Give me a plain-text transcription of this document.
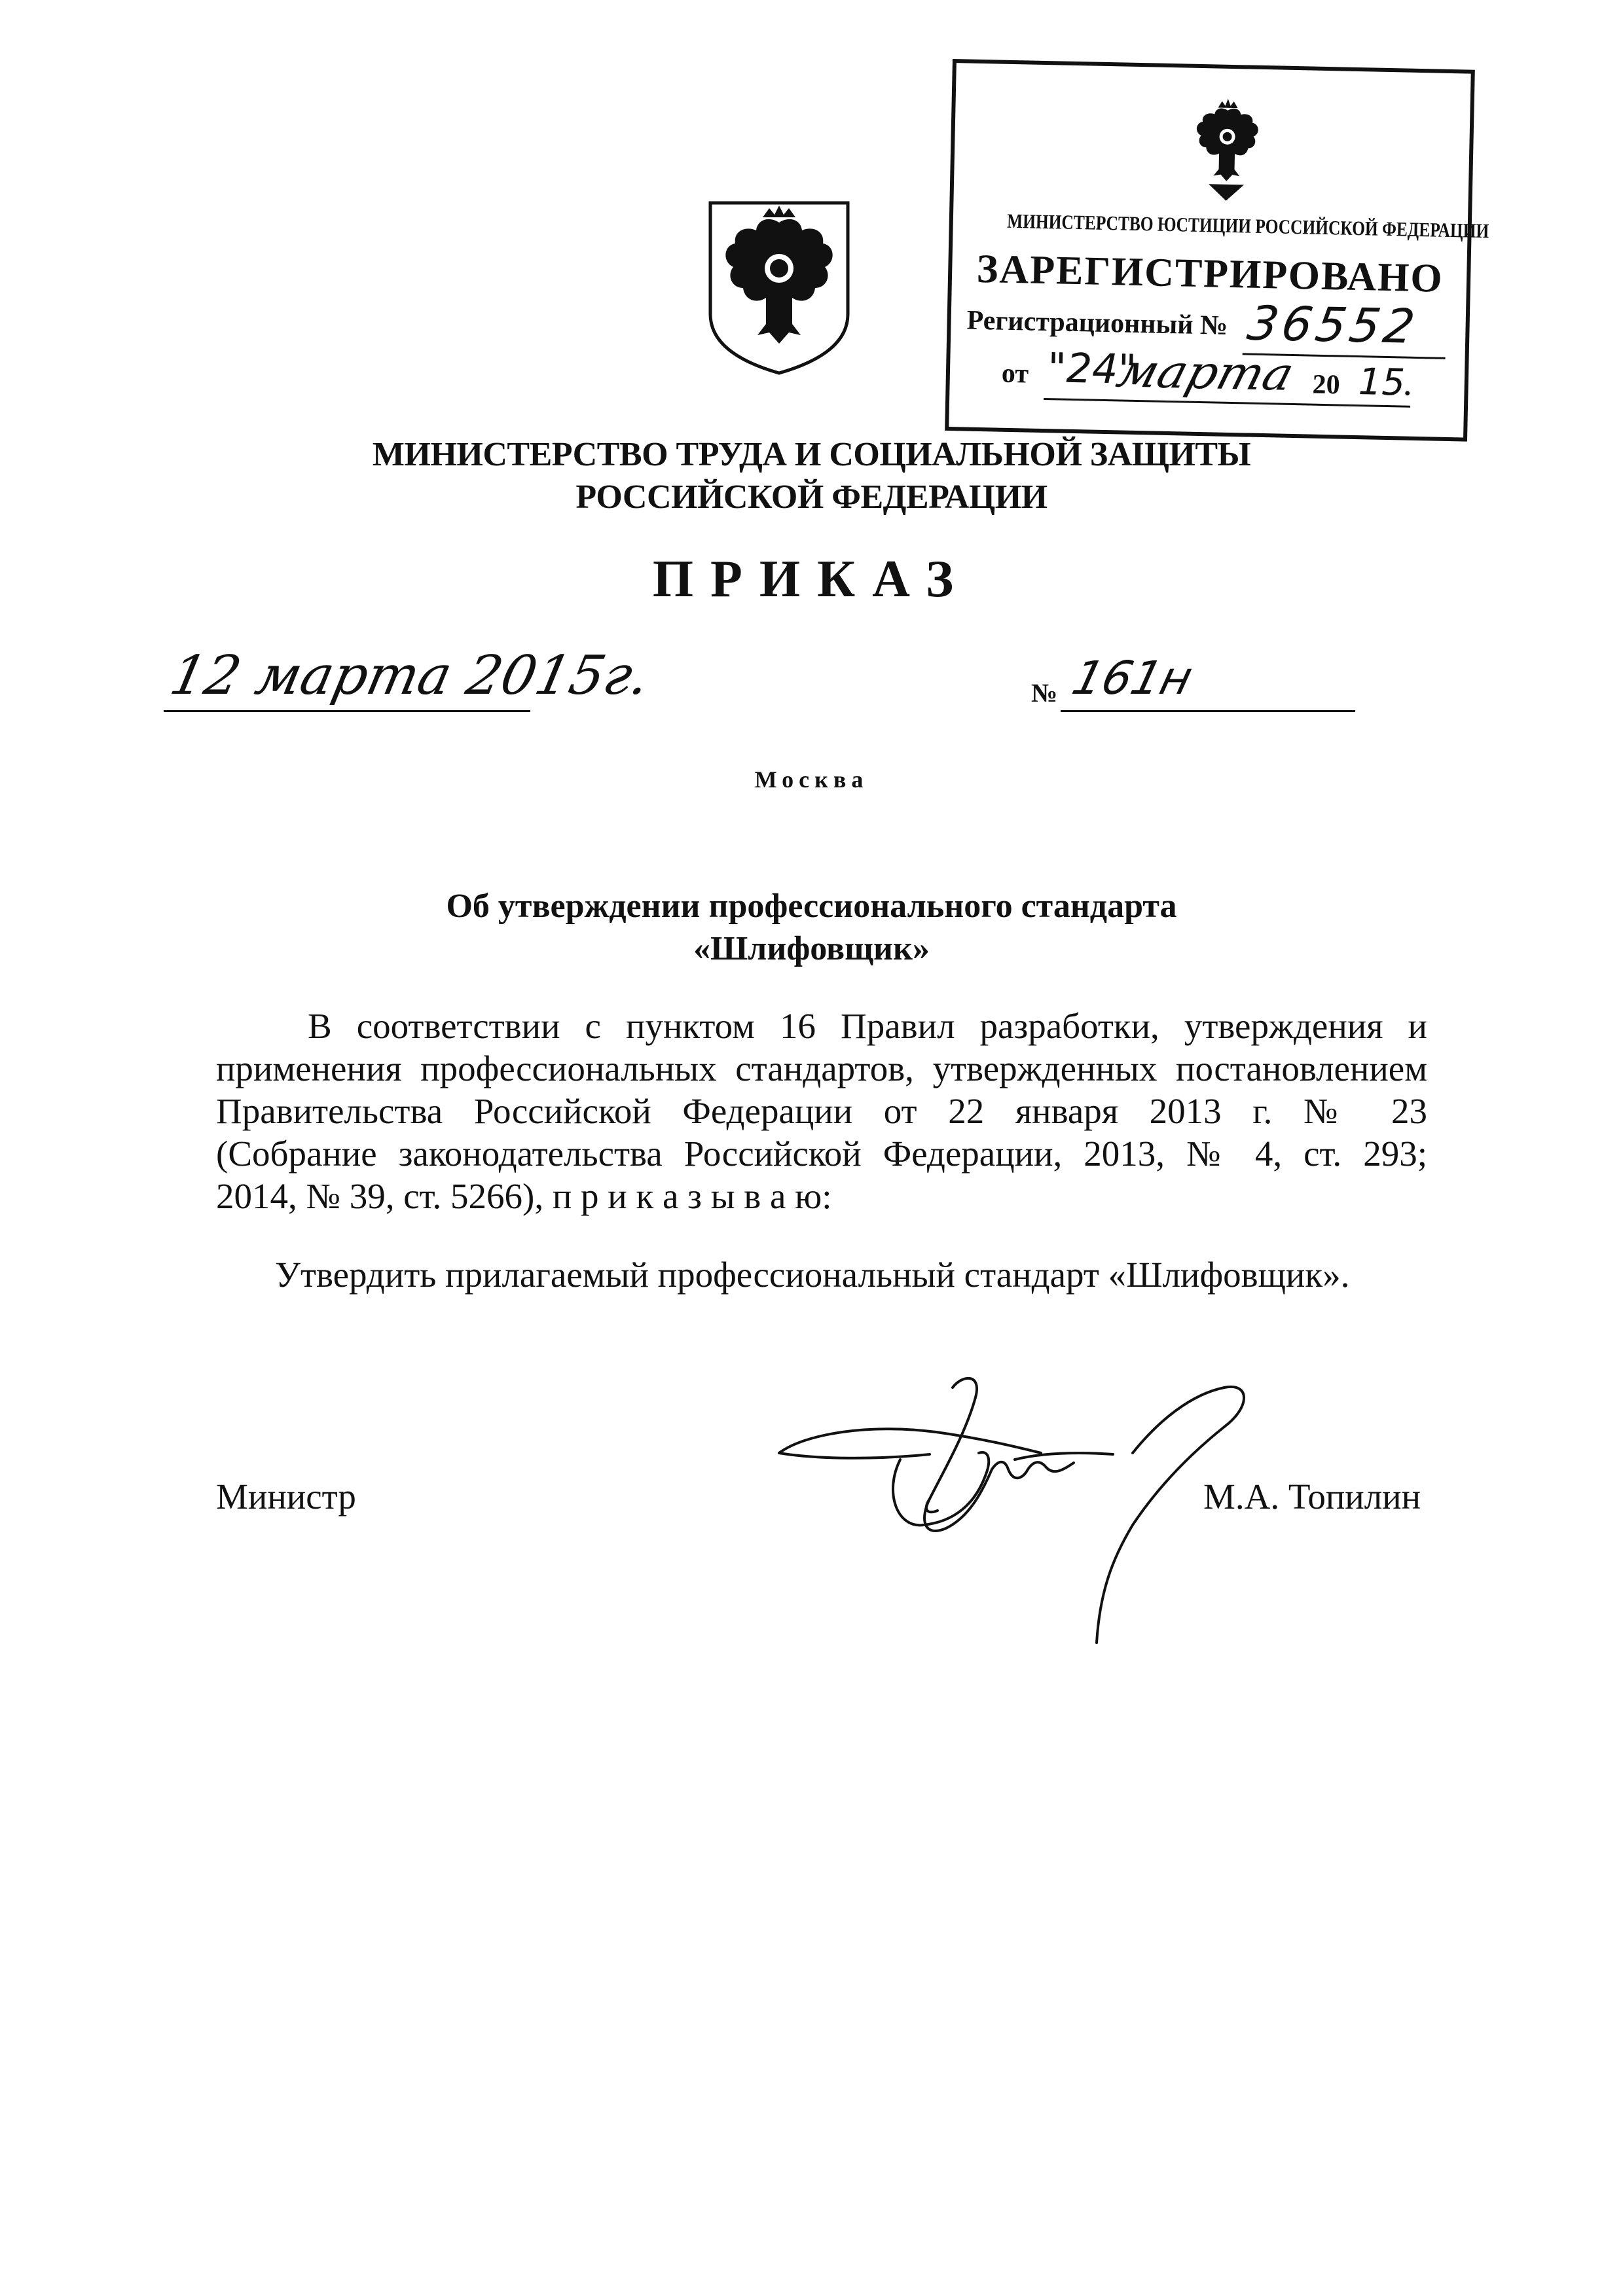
МИНИСТЕРСТВО ЮСТИЦИИ РОССИЙСКОЙ ФЕДЕРАЦИИ
ЗАРЕГИСТРИРОВАНО
Регистрационный № 36552
от "24"
марта 20 15
.
МИНИСТЕРСТВО ТРУДА И СОЦИАЛЬНОЙ ЗАЩИТЫ
РОССИЙСКОЙ ФЕДЕРАЦИИ
ПРИКАЗ
12 марта 2015г.	№ 161н
Москва
Об утверждении профессионального стандарта
«Шлифовщик»
В соответствии с пунктом 16 Правил разработки, утверждения и
применения профессиональных стандартов, утвержденных постановлением
Правительства Российской Федерации от 22 января 2013 г. № 23
(Собрание законодательства Российской Федерации, 2013, № 4, ст. 293;
2014, № 39, ст. 5266), п р и к а з ы в а ю:
Утвердить прилагаемый профессиональный стандарт «Шлифовщик».
Министр	М.А. Топилин
